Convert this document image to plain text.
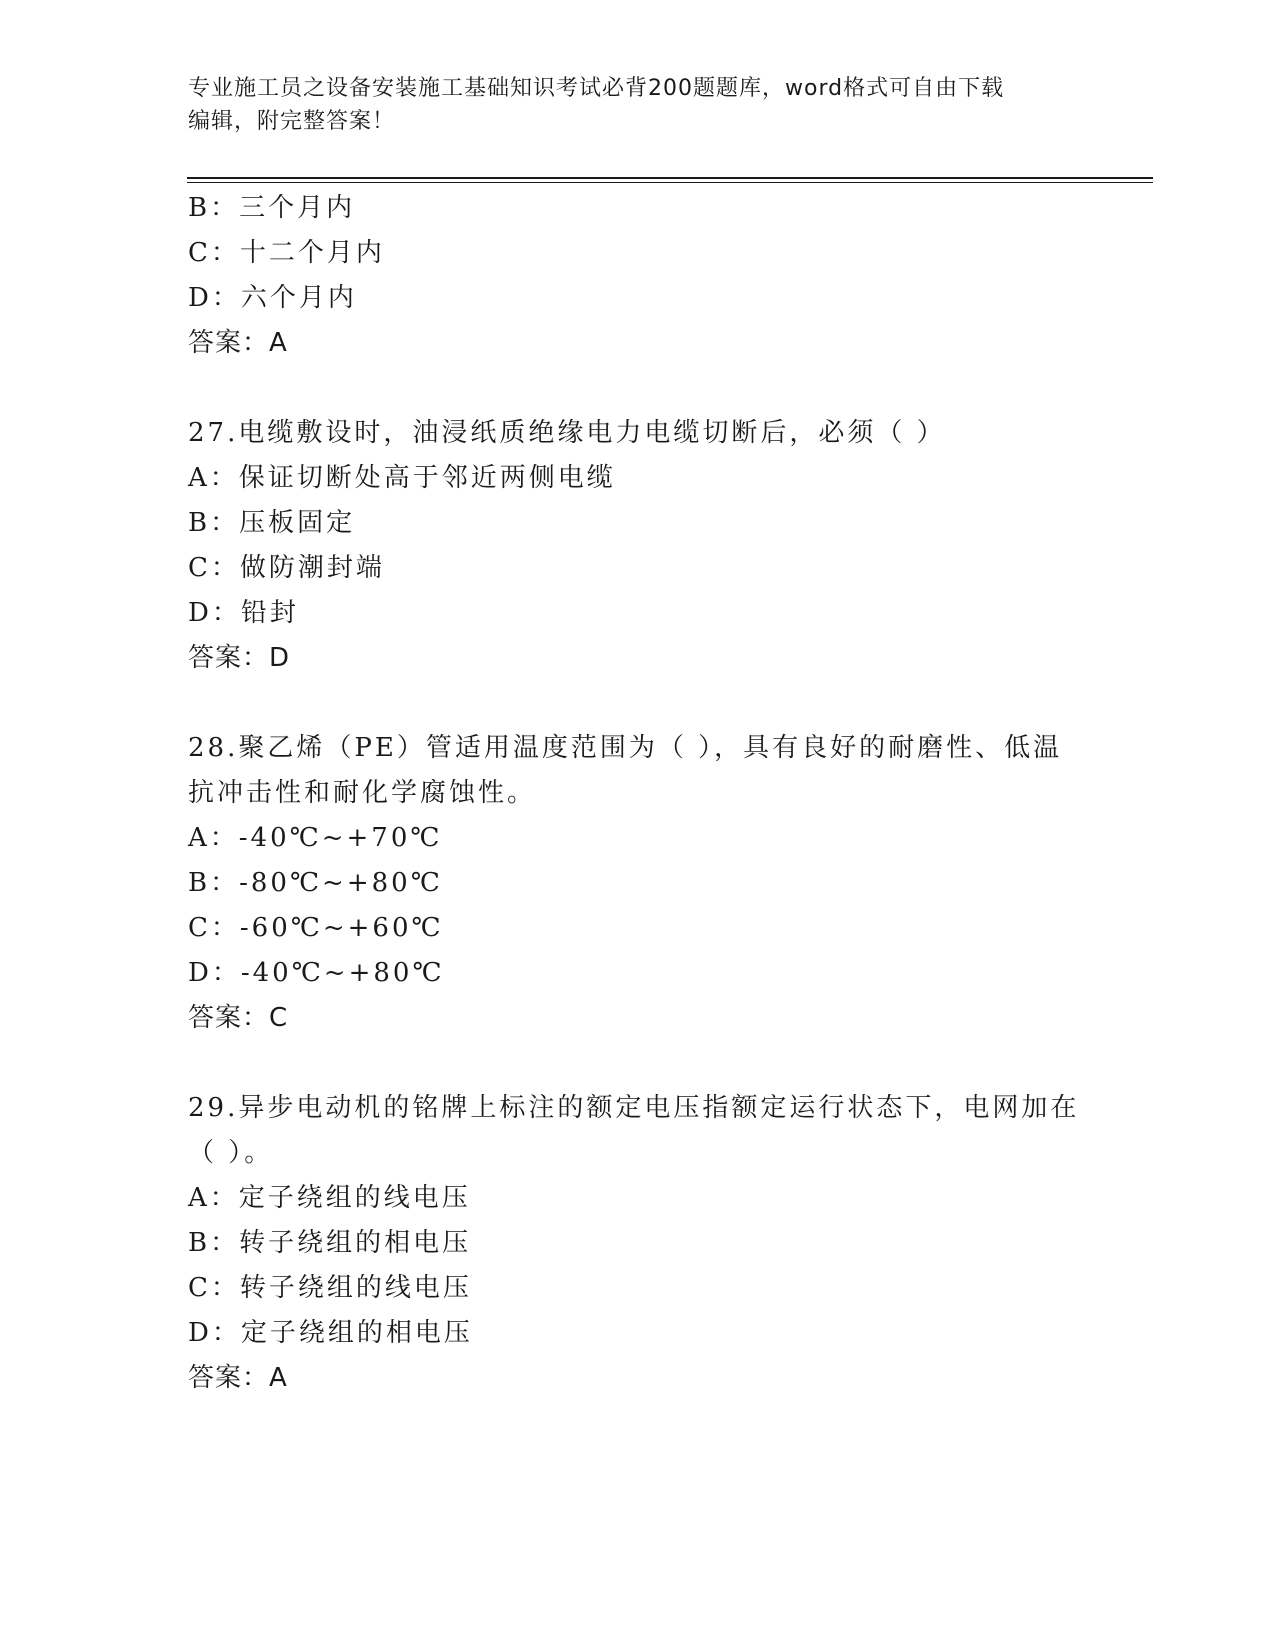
专业施工员之设备安装施工基础知识考试必背200题题库，word格式可自由下载
编辑，附完整答案！
B：三个月内
C：十二个月内
D：六个月内
答案：A
27.电缆敷设时，油浸纸质绝缘电力电缆切断后，必须（ ）
A：保证切断处高于邻近两侧电缆
B：压板固定
C：做防潮封端
D：铅封
答案：D
28.聚乙烯（PE）管适用温度范围为（ ），具有良好的耐磨性、低温
抗冲击性和耐化学腐蚀性。
A：-40℃~+70℃
B：-80℃~+80℃
C：-60℃~+60℃
D：-40℃~+80℃
答案：C
29.异步电动机的铭牌上标注的额定电压指额定运行状态下，电网加在
（ ）。
A：定子绕组的线电压
B：转子绕组的相电压
C：转子绕组的线电压
D：定子绕组的相电压
答案：A
